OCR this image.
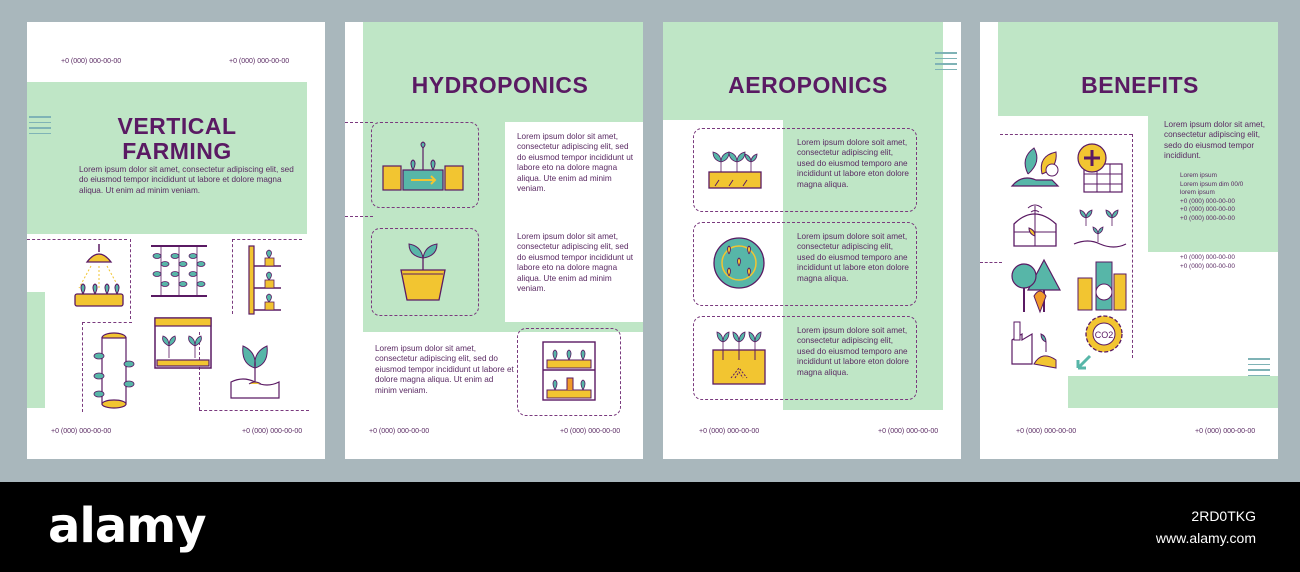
+0 (000) 000-00-00	+0 (000) 000-00-00
VERTICAL
FARMING
Lorem ipsum dolor sit amet, consectetur adipiscing elit, sed do eiusmod tempor incididunt ut labore et dolore magna aliqua. Ut enim ad minim veniam.
+0 (000) 000-00-00	+0 (000) 000-00-00
HYDROPONICS
Lorem ipsum dolor sit amet, consectetur adipiscing elit, sed do eiusmod tempor incididunt ut labore eto na dolore magna aliqua. Ute enim ad minim veniam.
Lorem ipsum dolor sit amet, consectetur adipiscing elit, sed do eiusmod tempor incididunt ut labore eto na dolore magna aliqua. Ute enim ad minim veniam.
Lorem ipsum dolor sit amet, consectetur adipiscing elit, sed do eiusmod tempor incididunt ut labore et dolore magna aliqua. Ut enim ad minim veniam.
+0 (000) 000-00-00	+0 (000) 000-00-00
AEROPONICS
Lorem ipsum dolore soit amet, consectetur adipiscing elit, used do eiusmod temporo ane incididunt ut labore eton dolore magna aliqua.
Lorem ipsum dolore soit amet, consectetur adipiscing elit, used do eiusmod temporo ane incididunt ut labore eton dolore magna aliqua.
Lorem ipsum dolore soit amet, consectetur adipiscing elit, used do eiusmod temporo ane incididunt ut labore eton dolore magna aliqua.
+0 (000) 000-00-00	+0 (000) 000-00-00
BENEFITS
Lorem ipsum dolor sit amet, consectetur adipiscing elit, sedo do eiusmod tempor incididunt.
Lorem ipsum
Lorem ipsum dim 00/0
lorem ipsum
+0 (000) 000-00-00
+0 (000) 000-00-00
+0 (000) 000-00-00
+0 (000) 000-00-00
+0 (000) 000-00-00
CO2
+0 (000) 000-00-00	+0 (000) 000-00-00
alamy	2RD0TKG
www.alamy.com
